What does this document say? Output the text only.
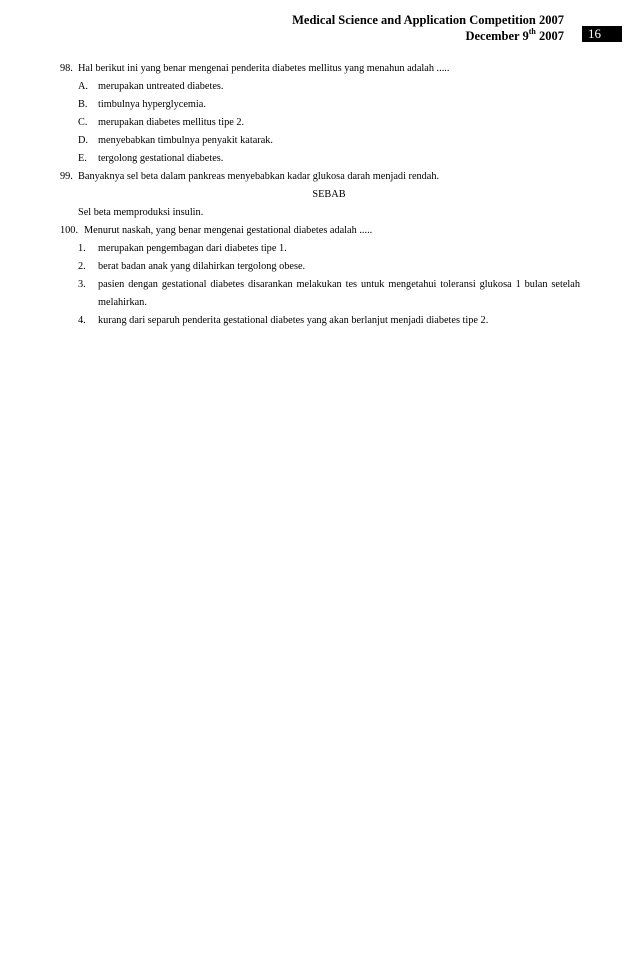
Medical Science and Application Competition 2007
December 9th 2007	16
98. Hal berikut ini yang benar mengenai penderita diabetes mellitus yang menahun adalah .....
A. merupakan untreated diabetes.
B. timbulnya hyperglycemia.
C. merupakan diabetes mellitus tipe 2.
D. menyebabkan timbulnya penyakit katarak.
E. tergolong gestational diabetes.
99. Banyaknya sel beta dalam pankreas menyebabkan kadar glukosa darah menjadi rendah.
SEBAB
Sel beta memproduksi insulin.
100. Menurut naskah, yang benar mengenai gestational diabetes adalah .....
1. merupakan pengembagan dari diabetes tipe 1.
2. berat badan anak yang dilahirkan tergolong obese.
3. pasien dengan gestational diabetes disarankan melakukan tes untuk mengetahui toleransi glukosa 1 bulan setelah melahirkan.
4. kurang dari separuh penderita gestational diabetes yang akan berlanjut menjadi diabetes tipe 2.
